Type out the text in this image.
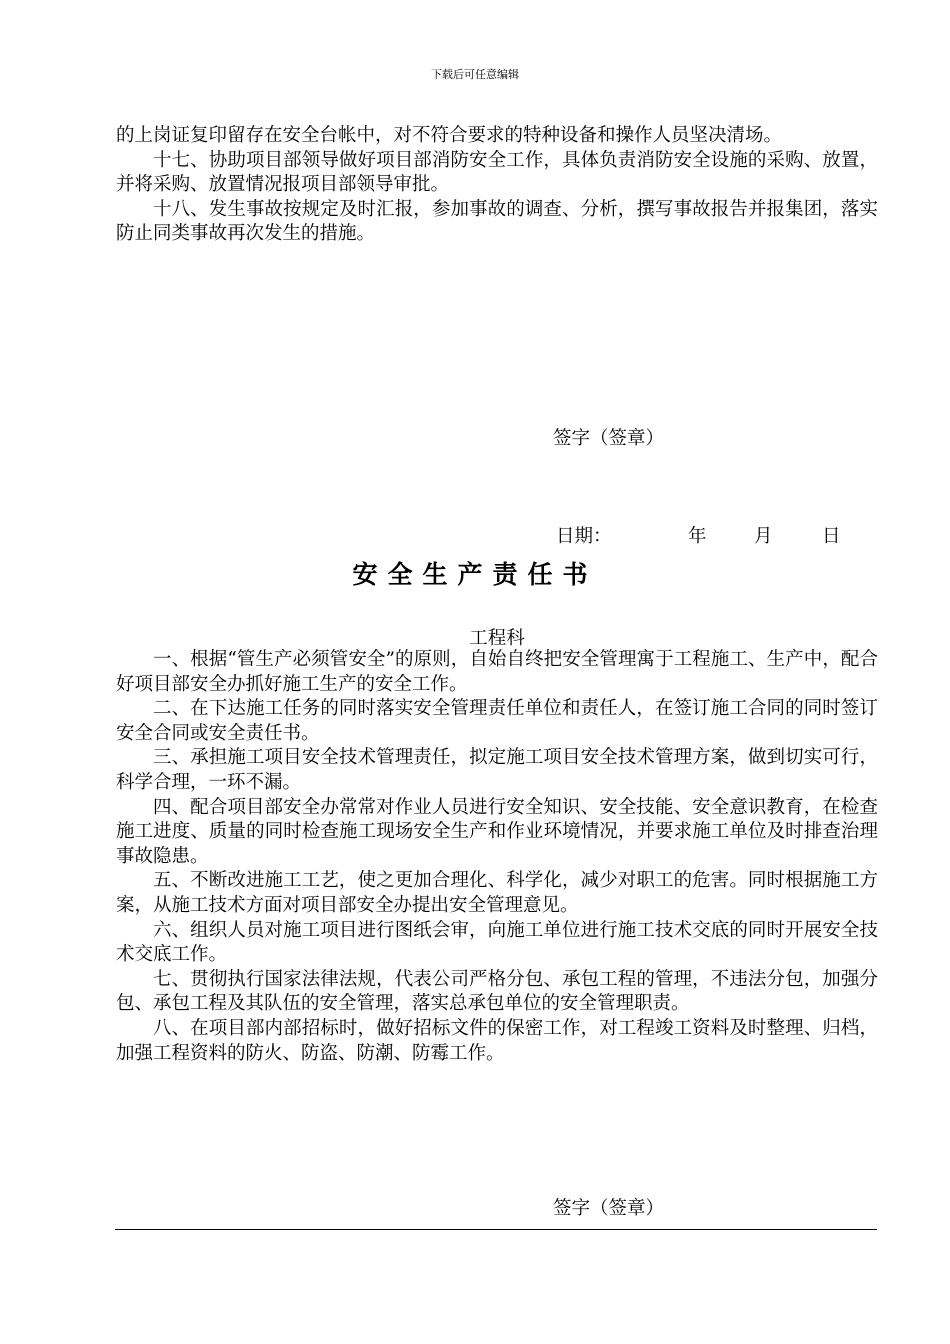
下载后可任意编辑

的上岗证复印留存在安全台帐中，对不符合要求的特种设备和操作人员坚决清场。

十七、协助项目部领导做好项目部消防安全工作，具体负责消防安全设施的采购、放置，并将采购、放置情况报项目部领导审批。

十八、发生事故按规定及时汇报，参加事故的调查、分析，撰写事故报告并报集团，落实防止同类事故再次发生的措施。

签字（签章）
日期：	年	月	日
安全生产责任书
工程科

一、根据“管生产必须管安全”的原则，自始自终把安全管理寓于工程施工、生产中，配合好项目部安全办抓好施工生产的安全工作。

二、在下达施工任务的同时落实安全管理责任单位和责任人，在签订施工合同的同时签订安全合同或安全责任书。

三、承担施工项目安全技术管理责任，拟定施工项目安全技术管理方案，做到切实可行，科学合理，一环不漏。

四、配合项目部安全办常常对作业人员进行安全知识、安全技能、安全意识教育，在检查施工进度、质量的同时检查施工现场安全生产和作业环境情况，并要求施工单位及时排查治理事故隐患。

五、不断改进施工工艺，使之更加合理化、科学化，减少对职工的危害。同时根据施工方案，从施工技术方面对项目部安全办提出安全管理意见。

六、组织人员对施工项目进行图纸会审，向施工单位进行施工技术交底的同时开展安全技术交底工作。

七、贯彻执行国家法律法规，代表公司严格分包、承包工程的管理，不违法分包，加强分包、承包工程及其队伍的安全管理，落实总承包单位的安全管理职责。

八、在项目部内部招标时，做好招标文件的保密工作，对工程竣工资料及时整理、归档，加强工程资料的防火、防盗、防潮、防霉工作。

签字（签章）
